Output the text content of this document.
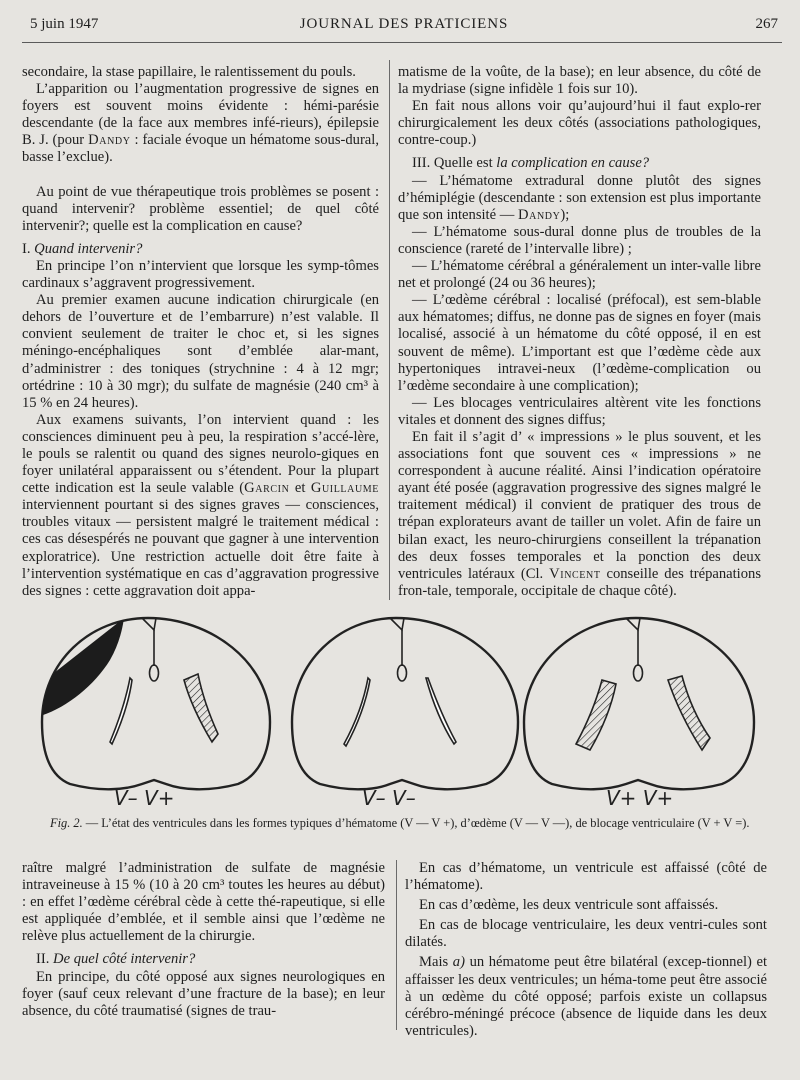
5 juin 1947	JOURNAL DES PRATICIENS	267

secondaire, la stase papillaire, le ralentissement du pouls.

L’apparition ou l’augmentation progressive de signes en foyers est souvent moins évidente : hémi-parésie descendante (de la face aux membres infé-rieurs), épilepsie B. J. (pour Dandy : faciale évoque un hématome sous-dural, basse l’exclue).

Au point de vue thérapeutique trois problèmes se posent : quand intervenir? problème essentiel; de quel côté intervenir?; quelle est la complication en cause?

I. Quand intervenir?

En principe l’on n’intervient que lorsque les symp-tômes cardinaux s’aggravent progressivement.

Au premier examen aucune indication chirurgicale (en dehors de l’ouverture et de l’embarrure) n’est valable. Il convient seulement de traiter le choc et, si les signes méningo-encéphaliques sont d’emblée alar-mant, d’administrer : des toniques (strychnine : 4 à 12 mgr; ortédrine : 10 à 30 mgr); du sulfate de magnésie (240 cm³ à 15 % en 24 heures).

Aux examens suivants, l’on intervient quand : les consciences diminuent peu à peu, la respiration s’accé-lère, le pouls se ralentit ou quand des signes neurolo-giques en foyer unilatéral apparaissent ou s’étendent. Pour la plupart cette indication est la seule valable (Garcin et Guillaume interviennent pourtant si des signes graves — consciences, troubles vitaux — persistent malgré le traitement médical : ces cas désespérés ne pouvant que gagner à une intervention exploratrice). Une restriction actuelle doit être faite à l’intervention systématique en cas d’aggravation progressive des signes : cette aggravation doit appa-

matisme de la voûte, de la base); en leur absence, du côté de la mydriase (signe infidèle 1 fois sur 10).

En fait nous allons voir qu’aujourd’hui il faut explo-rer chirurgicalement les deux côtés (associations pathologiques, contre-coup.)

III. Quelle est la complication en cause?

— L’hématome extradural donne plutôt des signes d’hémiplégie (descendante : son extension est plus importante que son intensité — Dandy);

— L’hématome sous-dural donne plus de troubles de la conscience (rareté de l’intervalle libre) ;

— L’hématome cérébral a généralement un inter-valle libre net et prolongé (24 ou 36 heures);

— L’œdème cérébral : localisé (préfocal), est sem-blable aux hématomes; diffus, ne donne pas de signes en foyer (mais localisé, associé à un hématome du côté opposé, il en est souvent de même). L’important est que l’œdème cède aux hypertoniques intravei-neux (l’œdème-complication ou l’œdème secondaire à une complication);

— Les blocages ventriculaires altèrent vite les fonctions vitales et donnent des signes diffus;

En fait il s’agit d’ « impressions » le plus souvent, et les associations font que souvent ces « impressions » ne correspondent à aucune réalité. Ainsi l’indication opératoire ayant été posée (aggravation progressive des signes malgré le traitement médical) il convient de pratiquer des trous de trépan explorateurs avant de tailler un volet. Afin de faire un bilan exact, les neuro-chirurgiens conseillent la trépanation des deux fosses temporales et la ponction des deux ventricules latéraux (Cl. Vincent conseille des trépanations fron-tale, temporale, occipitale de chaque côté).

V– V+	V– V–	V+ V+
Fig. 2. — L’état des ventricules dans les formes typiques d’hématome (V — V +), d’œdème (V — V —), de blocage ventriculaire (V + V =).

raître malgré l’administration de sulfate de magnésie intraveineuse à 15 % (10 à 20 cm³ toutes les heures au début) : en effet l’œdème cérébral cède à cette thé-rapeutique, si elle est appliquée d’emblée, et il semble ainsi que l’œdème ne relève plus actuellement de la chirurgie.

II. De quel côté intervenir?

En principe, du côté opposé aux signes neurologiques en foyer (sauf ceux relevant d’une fracture de la base); en leur absence, du côté traumatisé (signes de trau-

En cas d’hématome, un ventricule est affaissé (côté de l’hématome).

En cas d’œdème, les deux ventricule sont affaissés.

En cas de blocage ventriculaire, les deux ventri-cules sont dilatés.

Mais a) un hématome peut être bilatéral (excep-tionnel) et affaisser les deux ventricules; un héma-tome peut être associé à un œdème du côté opposé; parfois existe un collapsus cérébro-méningé précoce (absence de liquide dans les deux ventricules).
